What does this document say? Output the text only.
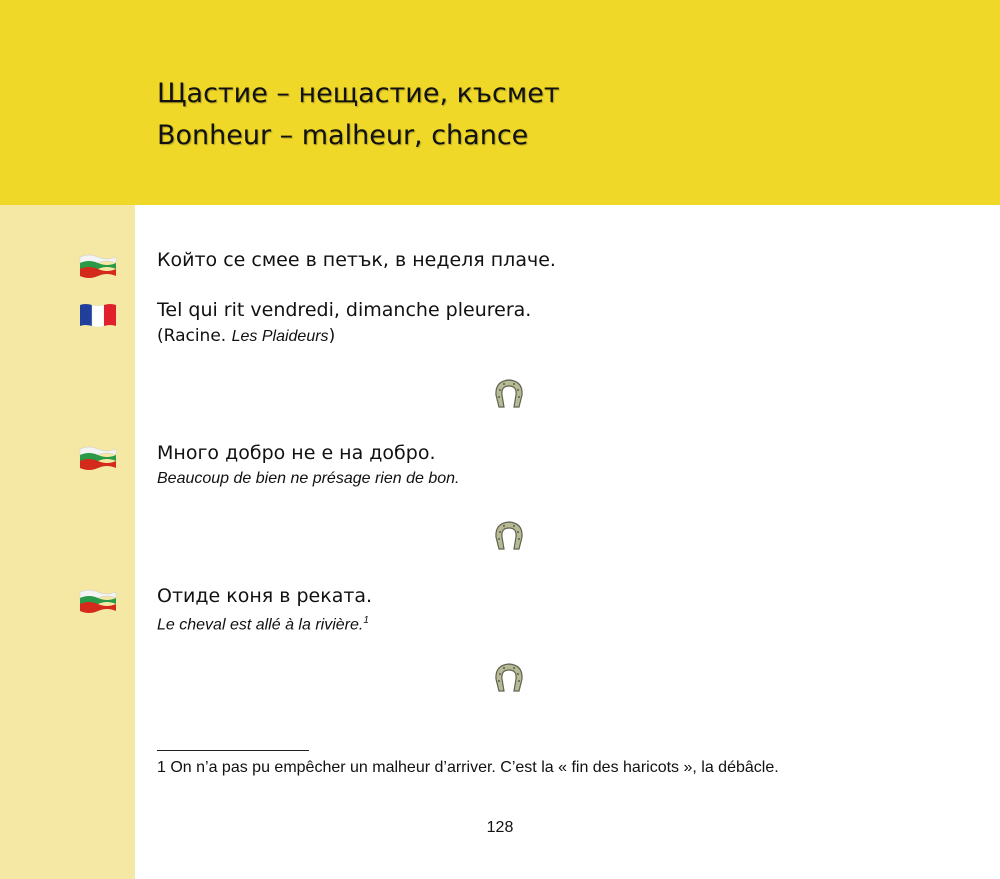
Щастие – нещастие, късмет
Bonheur – malheur, chance
Който се смее в петък, в неделя плаче.
Tel qui rit vendredi, dimanche pleurera.
(Racine. Les Plaideurs)
Много добро не е на добро.
Beaucoup de bien ne présage rien de bon.
Отиде коня в реката.
Le cheval est allé à la rivière.$^1$
1 On n’a pas pu empêcher un malheur d’arriver. C’est la « fin des haricots », la débâcle.
128
